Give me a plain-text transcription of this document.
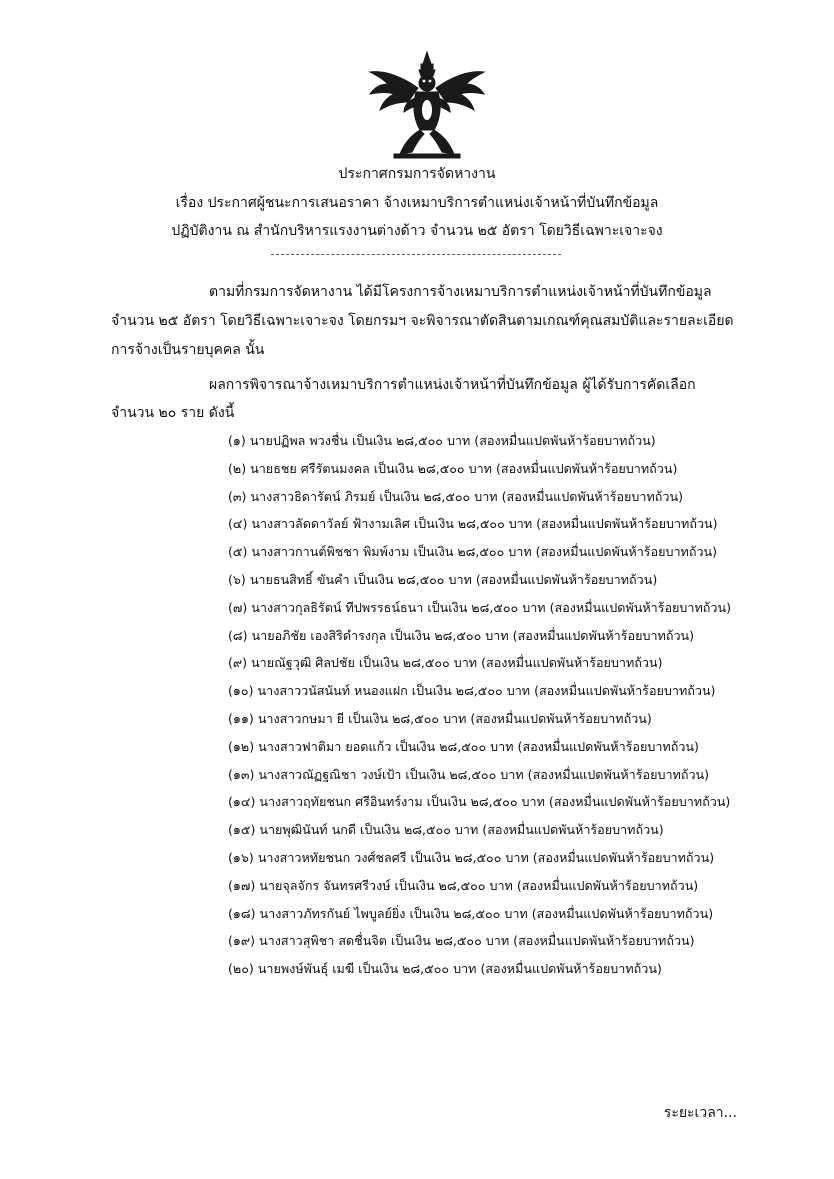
ประกาศกรมการจัดหางาน
เรื่อง ประกาศผู้ชนะการเสนอราคา จ้างเหมาบริการตำแหน่งเจ้าหน้าที่บันทึกข้อมูล
ปฏิบัติงาน ณ สำนักบริหารแรงงานต่างด้าว จำนวน ๒๕ อัตรา โดยวิธีเฉพาะเจาะจง
ตามที่กรมการจัดหางาน ได้มีโครงการจ้างเหมาบริการตำแหน่งเจ้าหน้าที่บันทึกข้อมูล
จำนวน ๒๕ อัตรา โดยวิธีเฉพาะเจาะจง โดยกรมฯ จะพิจารณาตัดสินตามเกณฑ์คุณสมบัติและรายละเอียด
การจ้างเป็นรายบุคคล นั้น
ผลการพิจารณาจ้างเหมาบริการตำแหน่งเจ้าหน้าที่บันทึกข้อมูล ผู้ได้รับการคัดเลือก
จำนวน ๒๐ ราย ดังนี้
(๑) นายปฏิพล พวงชื่น เป็นเงิน ๒๘,๕๐๐ บาท (สองหมื่นแปดพันห้าร้อยบาทถ้วน)
(๒) นายธชย ศรีรัตนมงคล เป็นเงิน ๒๘,๕๐๐ บาท (สองหมื่นแปดพันห้าร้อยบาทถ้วน)
(๓) นางสาวธิดารัตน์ ภิรมย์ เป็นเงิน ๒๘,๕๐๐ บาท (สองหมื่นแปดพันห้าร้อยบาทถ้วน)
(๔) นางสาวลัดดาวัลย์ ฟ้างามเลิศ เป็นเงิน ๒๘,๕๐๐ บาท (สองหมื่นแปดพันห้าร้อยบาทถ้วน)
(๕) นางสาวกานต์พิชชา พิมพ์งาม เป็นเงิน ๒๘,๕๐๐ บาท (สองหมื่นแปดพันห้าร้อยบาทถ้วน)
(๖) นายธนสิทธิ์ ขันคำ เป็นเงิน ๒๘,๕๐๐ บาท (สองหมื่นแปดพันห้าร้อยบาทถ้วน)
(๗) นางสาวกุลธิรัตน์ ทีปพรรธน์ธนา เป็นเงิน ๒๘,๕๐๐ บาท (สองหมื่นแปดพันห้าร้อยบาทถ้วน)
(๘) นายอภิชัย เองสิริดำรงกุล เป็นเงิน ๒๘,๕๐๐ บาท (สองหมื่นแปดพันห้าร้อยบาทถ้วน)
(๙) นายณัฐวุฒิ ศิลปชัย เป็นเงิน ๒๘,๕๐๐ บาท (สองหมื่นแปดพันห้าร้อยบาทถ้วน)
(๑๐) นางสาววนัสนันท์ หนองแฝก เป็นเงิน ๒๘,๕๐๐ บาท (สองหมื่นแปดพันห้าร้อยบาทถ้วน)
(๑๑) นางสาวกษมา ยี เป็นเงิน ๒๘,๕๐๐ บาท (สองหมื่นแปดพันห้าร้อยบาทถ้วน)
(๑๒) นางสาวฟาติมา ยอดแก้ว เป็นเงิน ๒๘,๕๐๐ บาท (สองหมื่นแปดพันห้าร้อยบาทถ้วน)
(๑๓) นางสาวณัฏฐณิชา วงษ์เป้า เป็นเงิน ๒๘,๕๐๐ บาท (สองหมื่นแปดพันห้าร้อยบาทถ้วน)
(๑๔) นางสาวฤทัยชนก ศรีอินทร์งาม เป็นเงิน ๒๘,๕๐๐ บาท (สองหมื่นแปดพันห้าร้อยบาทถ้วน)
(๑๕) นายพุฒินันท์ นกดี เป็นเงิน ๒๘,๕๐๐ บาท (สองหมื่นแปดพันห้าร้อยบาทถ้วน)
(๑๖) นางสาวหทัยชนก วงศ์ชลศรี เป็นเงิน ๒๘,๕๐๐ บาท (สองหมื่นแปดพันห้าร้อยบาทถ้วน)
(๑๗) นายจุลจักร จันทรศรีวงษ์ เป็นเงิน ๒๘,๕๐๐ บาท (สองหมื่นแปดพันห้าร้อยบาทถ้วน)
(๑๘) นางสาวภัทรกันย์ ไพบูลย์ยิ่ง เป็นเงิน ๒๘,๕๐๐ บาท (สองหมื่นแปดพันห้าร้อยบาทถ้วน)
(๑๙) นางสาวสุพิชา สดชื่นจิต เป็นเงิน ๒๘,๕๐๐ บาท (สองหมื่นแปดพันห้าร้อยบาทถ้วน)
(๒๐) นายพงษ์พันธุ์ เมฆี เป็นเงิน ๒๘,๕๐๐ บาท (สองหมื่นแปดพันห้าร้อยบาทถ้วน)
ระยะเวลา...
